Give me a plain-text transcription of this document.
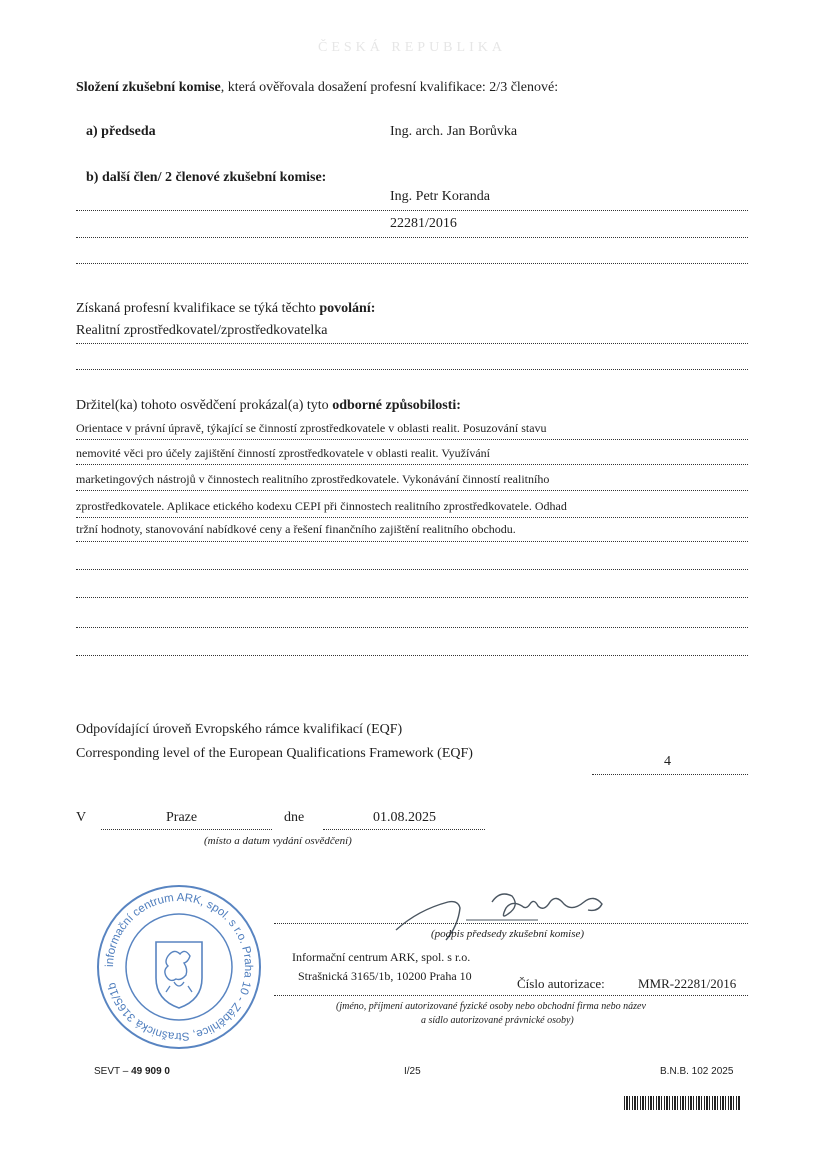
ČESKÁ REPUBLIKA
Složení zkušební komise, která ověřovala dosažení profesní kvalifikace: 2/3 členové:
a) předseda	Ing. arch. Jan Borůvka
b) další člen/ 2 členové zkušební komise:
Ing. Petr Koranda
22281/2016
Získaná profesní kvalifikace se týká těchto povolání:
Realitní zprostředkovatel/zprostředkovatelka
Držitel(ka) tohoto osvědčení prokázal(a) tyto odborné způsobilosti:
Orientace v právní úpravě, týkající se činností zprostředkovatele v oblasti realit. Posuzování stavu
nemovité věci pro účely zajištění činností zprostředkovatele v oblasti realit. Využívání
marketingových nástrojů v činnostech realitního zprostředkovatele. Vykonávání činností realitního
zprostředkovatele. Aplikace etického kodexu CEPI při činnostech realitního zprostředkovatele. Odhad
tržní hodnoty, stanovování nabídkové ceny a řešení finančního zajištění realitního obchodu.
Odpovídající úroveň Evropského rámce kvalifikací (EQF)
Corresponding level of the European Qualifications Framework (EQF)
4
V	Praze	dne	01.08.2025
(místo a datum vydání osvědčení)
informační centrum ARK, spol. s r.o. Praha 10 - Záběhlice, Strašnická 3165/1b
(podpis předsedy zkušební komise)
Informační centrum ARK, spol. s r.o.
Strašnická 3165/1b, 10200 Praha 10	Číslo autorizace:	MMR-22281/2016
(jméno, příjmení autorizované fyzické osoby nebo obchodní firma nebo název
a sídlo autorizované právnické osoby)
SEVT – 49 909 0	I/25	B.N.B. 102 2025
